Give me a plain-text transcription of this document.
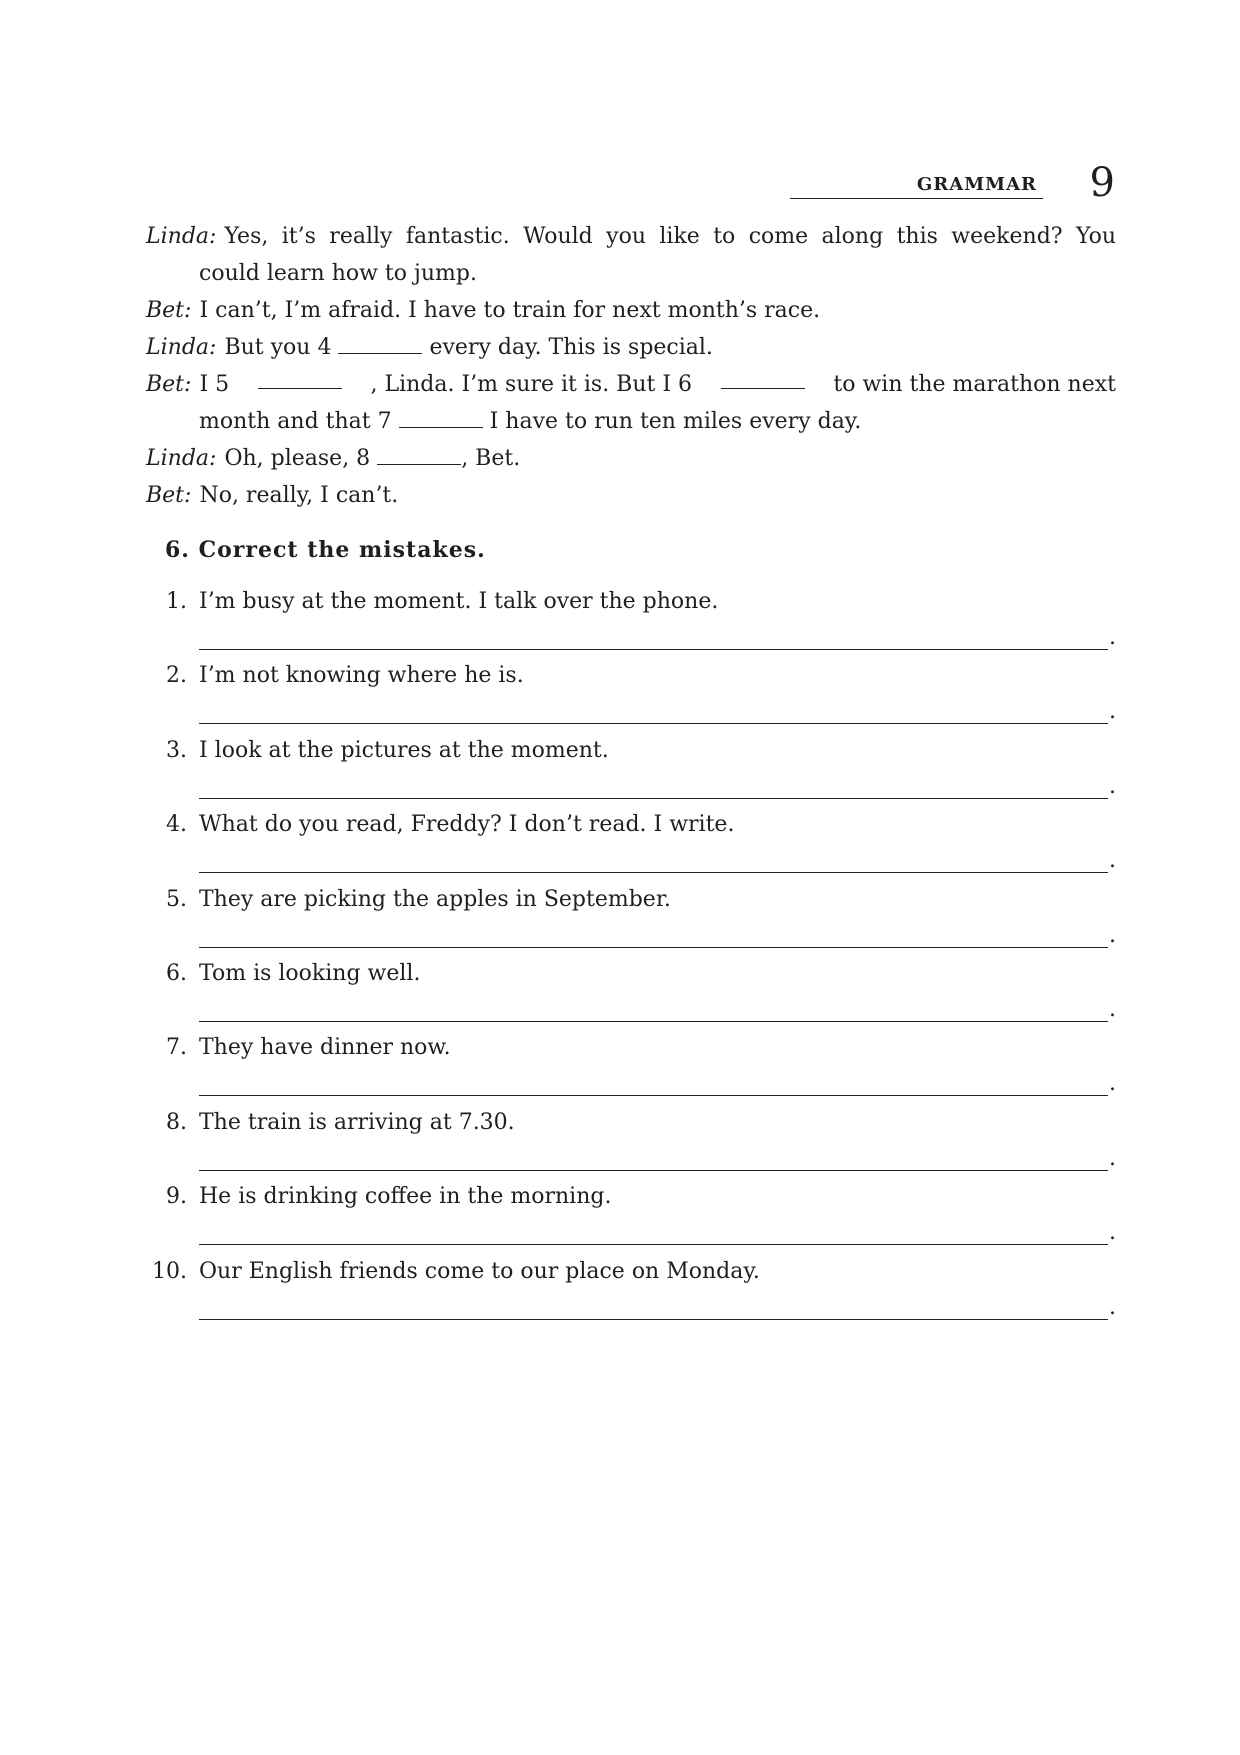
GRAMMAR 9
Linda: Yes, it’s really fantastic. Would you like to come along this weekend? You
could learn how to jump.
Bet: I can’t, I’m afraid. I have to train for next month’s race.
Linda: But you 4	every day. This is special.
Bet: I 5	, Linda. I’m sure it is. But I 6	to win the marathon next
month and that 7	I have to run ten miles every day.
Linda: Oh, please, 8	, Bet.
Bet: No, really, I can’t.
6. Correct the mistakes.
1. I’m busy at the moment. I talk over the phone.
.
2. I’m not knowing where he is.
.
3. I look at the pictures at the moment.
.
4. What do you read, Freddy? I don’t read. I write.
.
5. They are picking the apples in September.
.
6. Tom is looking well.
.
7. They have dinner now.
.
8. The train is arriving at 7.30.
.
9. He is drinking coffee in the morning.
.
10. Our English friends come to our place on Monday.
.
